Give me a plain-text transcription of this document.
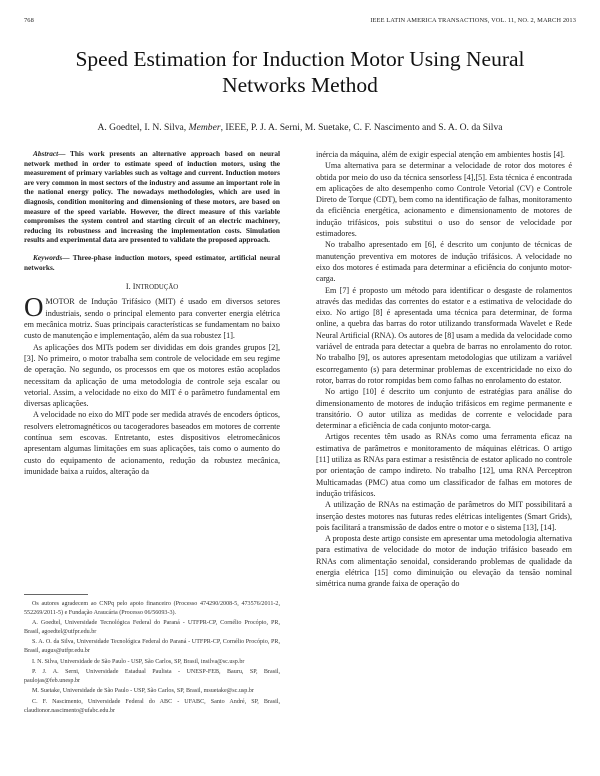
768	IEEE LATIN AMERICA TRANSACTIONS, VOL. 11, NO. 2, MARCH 2013
Speed Estimation for Induction Motor Using Neural Networks Method
A. Goedtel, I. N. Silva, Member, IEEE, P. J. A. Serni, M. Suetake, C. F. Nascimento and S. A. O. da Silva

Abstract— This work presents an alternative approach based on neural network method in order to estimate speed of induction motors, using the measurement of primary variables such as voltage and current. Induction motors are very common in most sectors of the industry and assume an important role in the national energy policy. The nowadays methodologies, which are used in diagnosis, condition monitoring and dimensioning of these motors, are based on measure of the speed variable. However, the direct measure of this variable compromises the system control and starting circuit of an electric machinery, reducing its robustness and increasing the implementation costs. Simulation results and experimental data are presented to validate the proposed approach.

Keywords— Three-phase induction motors, speed estimator, artificial neural networks.

I. INTRODUÇÃO

OMOTOR de Indução Trifásico (MIT) é usado em diversos setores industriais, sendo o principal elemento para converter energia elétrica em mecânica motriz. Suas principais características se fundamentam no baixo custo de manutenção e implementação, além da sua robustez [1].

As aplicações dos MITs podem ser divididas em dois grandes grupos [2],[3]. No primeiro, o motor trabalha sem controle de velocidade em seu regime de operação. No segundo, os processos em que os motores estão acoplados necessitam da aplicação de uma metodologia de controle seja escalar ou vetorial. Assim, a velocidade no eixo do MIT é o parâmetro fundamental em diversas aplicações.

A velocidade no eixo do MIT pode ser medida através de encoders ópticos, resolvers eletromagnéticos ou tacogeradores baseados em motores de corrente contínua sem escovas. Entretanto, estes dispositivos eletromecânicos apresentam algumas limitações em suas aplicações, tais como o aumento do custo do equipamento de acionamento, redução da robustez mecânica, imunidade baixa a ruídos, alteração da

Os autores agradecem ao CNPq pelo apoio financeiro (Processo 474290/2008-5, 473576/2011-2, 552269/2011-5) e Fundação Araucária (Processo 06/56093-3).

A. Goedtel, Universidade Tecnológica Federal do Paraná - UTFPR-CP, Cornélio Procópio, PR, Brasil, agoedtel@utfpr.edu.br

S. A. O. da Silva, Universidade Tecnológica Federal do Paraná - UTFPR-CP, Cornélio Procópio, PR, Brasil, augus@utfpr.edu.br

I. N. Silva, Universidade de São Paulo - USP, São Carlos, SP, Brasil, insilva@sc.usp.br

P. J. A. Serni, Universidade Estadual Paulista - UNESP-FEB, Bauru, SP, Brasil, paulojas@feb.unesp.br

M. Suetake, Universidade de São Paulo - USP, São Carlos, SP, Brasil, msuetake@sc.usp.br

C. F. Nascimento, Universidade Federal do ABC - UFABC, Santo André, SP, Brasil, claudionor.nascimento@ufabc.edu.br

inércia da máquina, além de exigir especial atenção em ambientes hostis [4].

Uma alternativa para se determinar a velocidade de rotor dos motores é obtida por meio do uso da técnica sensorless [4],[5]. Esta técnica é encontrada em aplicações de alto desempenho como Controle Vetorial (CV) e Controle Direto de Torque (CDT), bem como na identificação de falhas, monitoramento da eficiência energética, acionamento e dimensionamento de motores de indução trifásicos, pois substitui o uso do sensor de velocidade por estimadores.

No trabalho apresentado em [6], é descrito um conjunto de técnicas de manutenção preventiva em motores de indução trifásicos. A velocidade no eixo dos motores é estimada para determinar a eficiência do conjunto motor-carga.

Em [7] é proposto um método para identificar o desgaste de rolamentos através das medidas das correntes do estator e a estimativa de velocidade do eixo. No artigo [8] é apresentada uma técnica para determinar, de forma online, a quebra das barras do rotor utilizando transformada Wavelet e Rede Neural Artificial (RNA). Os autores de [8] usam a medida da velocidade como variável de entrada para detectar a quebra de barras no enrolamento do rotor. No trabalho [9], os autores apresentam metodologias que utilizam a variável escorregamento (s) para determinar problemas de excentricidade no eixo do rotor, barras do rotor rompidas bem como falhas no enrolamento do estator.

No artigo [10] é descrito um conjunto de estratégias para análise do dimensionamento de motores de indução trifásicos em regime permanente e transitório. O autor utiliza as medidas de corrente e velocidade para determinar a eficiência de cada conjunto motor-carga.

Artigos recentes têm usado as RNAs como uma ferramenta eficaz na estimativa de parâmetros e monitoramento de máquinas elétricas. O artigo [11] utiliza as RNAs para estimar a resistência de estator aplicado no controle por orientação de campo indireto. No trabalho [12], uma RNA Perceptron Multicamadas (PMC) atua como um classificador de falhas em motores de indução trifásicos.

A utilização de RNAs na estimação de parâmetros do MIT possibilitará a inserção destes motores nas futuras redes elétricas inteligentes (Smart Grids), pois facilitará a transmissão de dados entre o motor e o sistema [13], [14].

A proposta deste artigo consiste em apresentar uma metodologia alternativa para estimativa de velocidade do motor de indução trifásico baseado em RNAs com alimentação senoidal, considerando problemas de qualidade da energia elétrica [15] como diminuição ou elevação da tensão nominal simétrica numa grande faixa de operação do
